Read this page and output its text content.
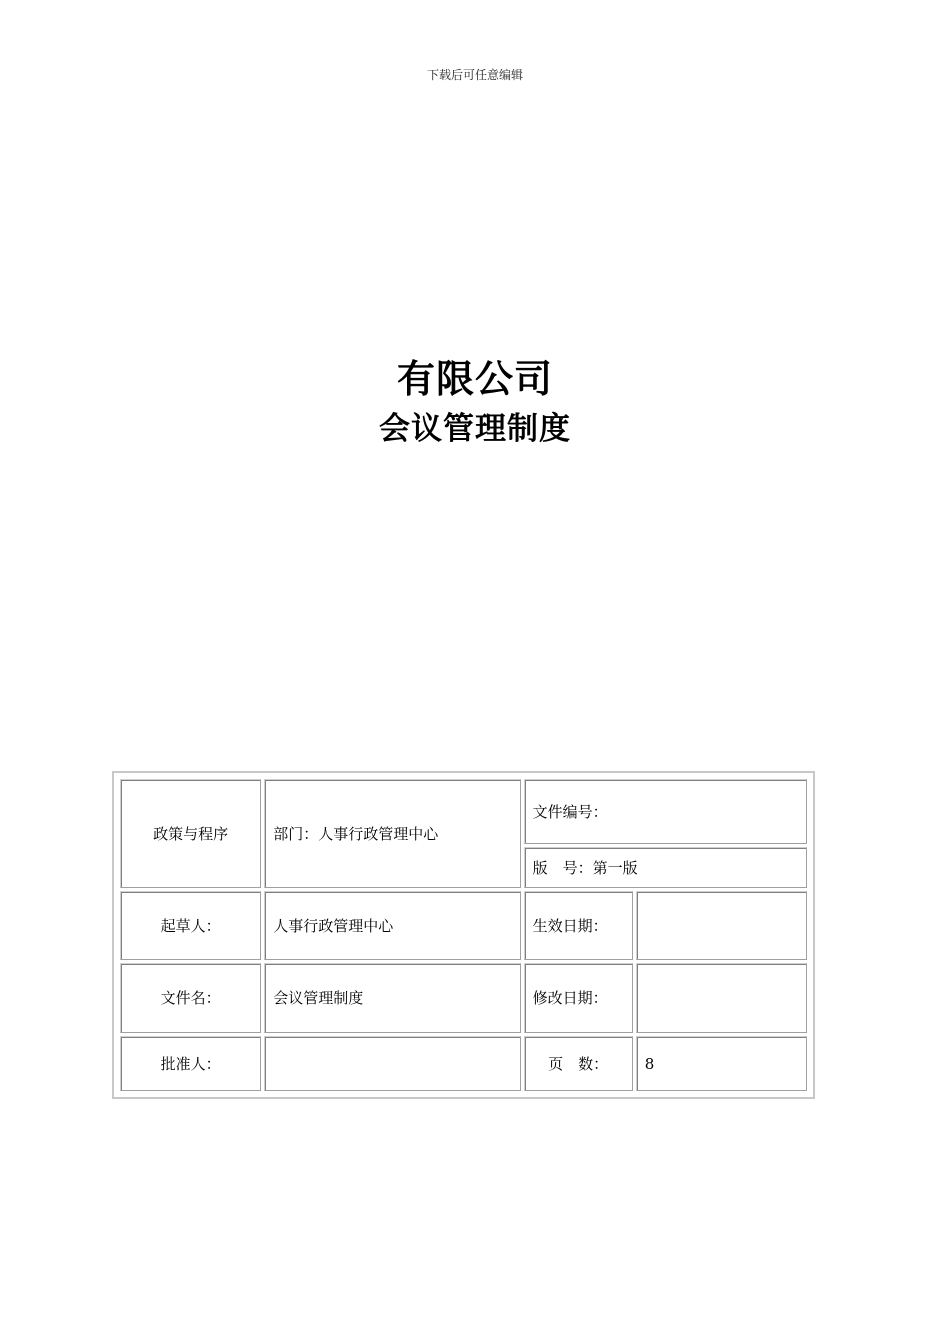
下载后可任意编辑
有限公司
会议管理制度
政策与程序	部门：人事行政管理中心	文件编号：	
		版　号：第一版	
起草人：	人事行政管理中心	生效日期：	
文件名：	会议管理制度	修改日期：	
批准人：		页　数：	8
